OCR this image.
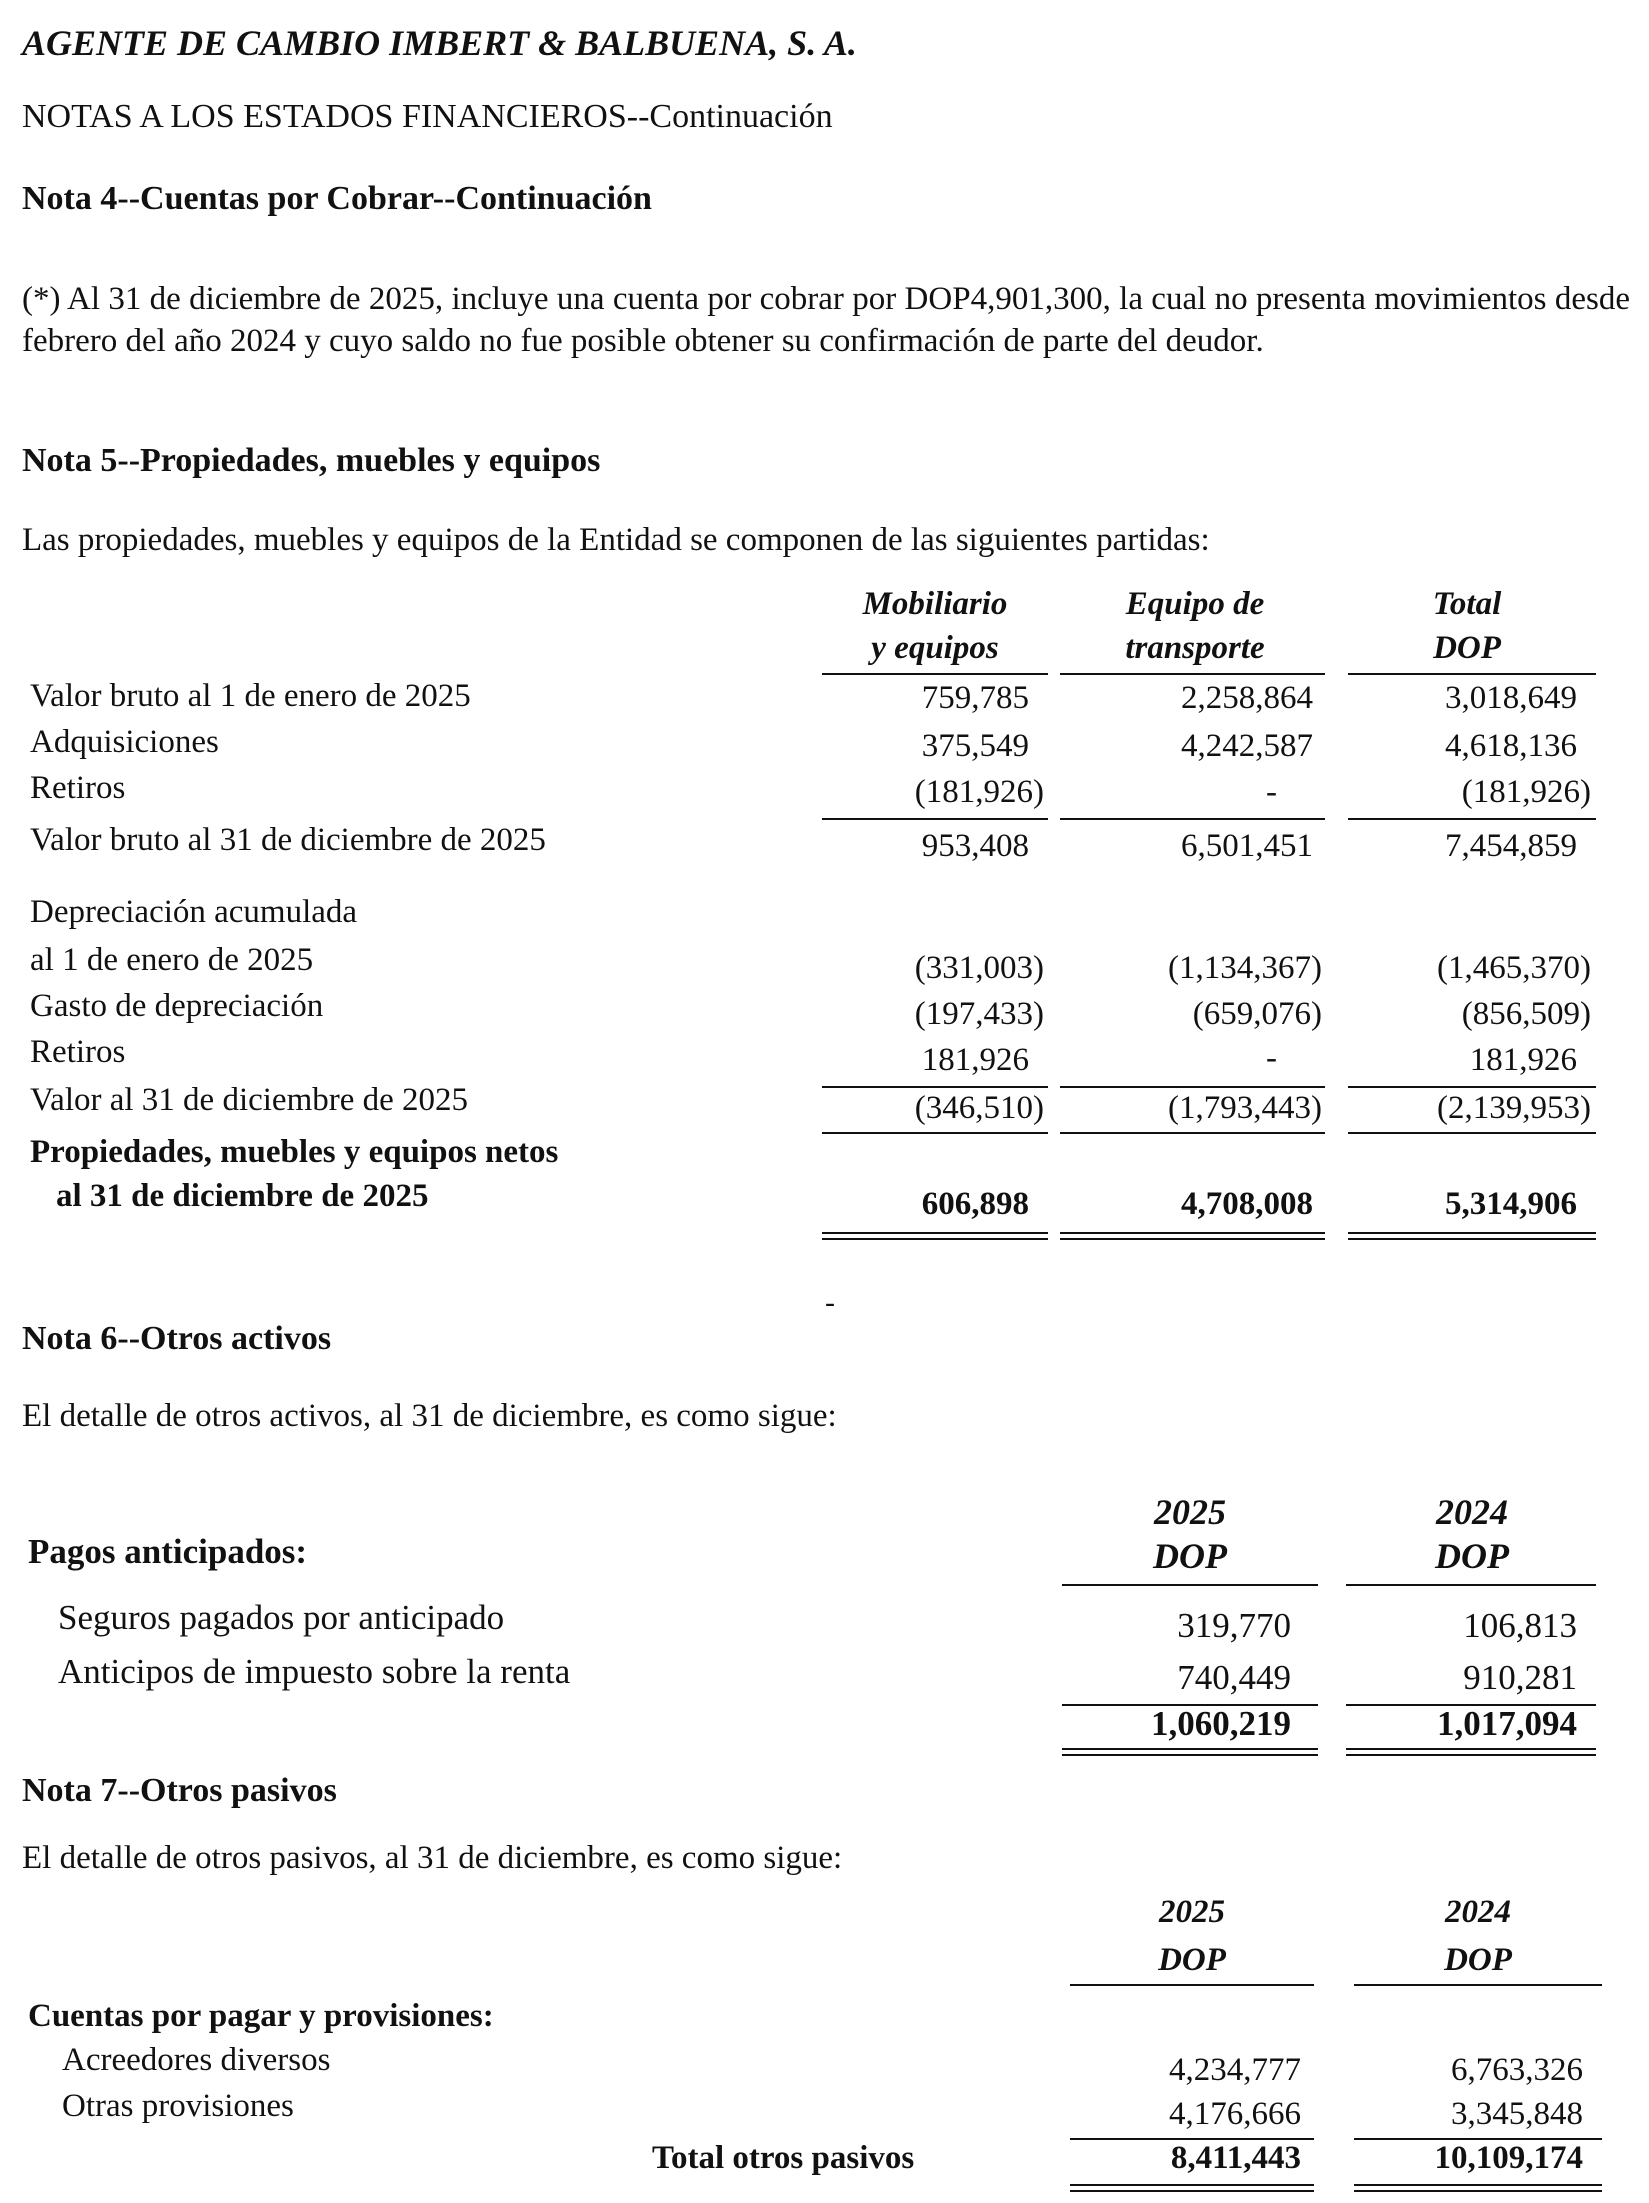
AGENTE DE CAMBIO IMBERT & BALBUENA, S. A.
NOTAS A LOS ESTADOS FINANCIEROS--Continuación
Nota 4--Cuentas por Cobrar--Continuación
(*) Al 31 de diciembre de 2025, incluye una cuenta por cobrar por DOP4,901,300, la cual no presenta movimientos desde febrero del año 2024 y cuyo saldo no fue posible obtener su confirmación de parte del deudor.
Nota 5--Propiedades, muebles y equipos
Las propiedades, muebles y equipos de la Entidad se componen de las siguientes partidas:
Mobiliario
y equipos
Equipo de
transporte
Total
DOP
Valor bruto al 1 de enero de 2025	759,785	2,258,864	3,018,649
Adquisiciones	375,549	4,242,587	4,618,136
Retiros	(181,926)	-	(181,926)
Valor bruto al 31 de diciembre de 2025	953,408	6,501,451	7,454,859
Depreciación acumulada
al 1 de enero de 2025	(331,003)	(1,134,367)	(1,465,370)
Gasto de depreciación	(197,433)	(659,076)	(856,509)
Retiros	181,926	-	181,926
Valor al 31 de diciembre de 2025	(346,510)	(1,793,443)	(2,139,953)
Propiedades, muebles y equipos netos
al 31 de diciembre de 2025	606,898	4,708,008	5,314,906
-
Nota 6--Otros activos
El detalle de otros activos, al 31 de diciembre, es como sigue:
2025
DOP
2024
DOP
Pagos anticipados:
Seguros pagados por anticipado	319,770	106,813
Anticipos de impuesto sobre la renta	740,449	910,281
1,060,219	1,017,094
Nota 7--Otros pasivos
El detalle de otros pasivos, al 31 de diciembre, es como sigue:
2025
DOP
2024
DOP
Cuentas por pagar y provisiones:
Acreedores diversos	4,234,777	6,763,326
Otras provisiones	4,176,666	3,345,848
Total otros pasivos	8,411,443	10,109,174
